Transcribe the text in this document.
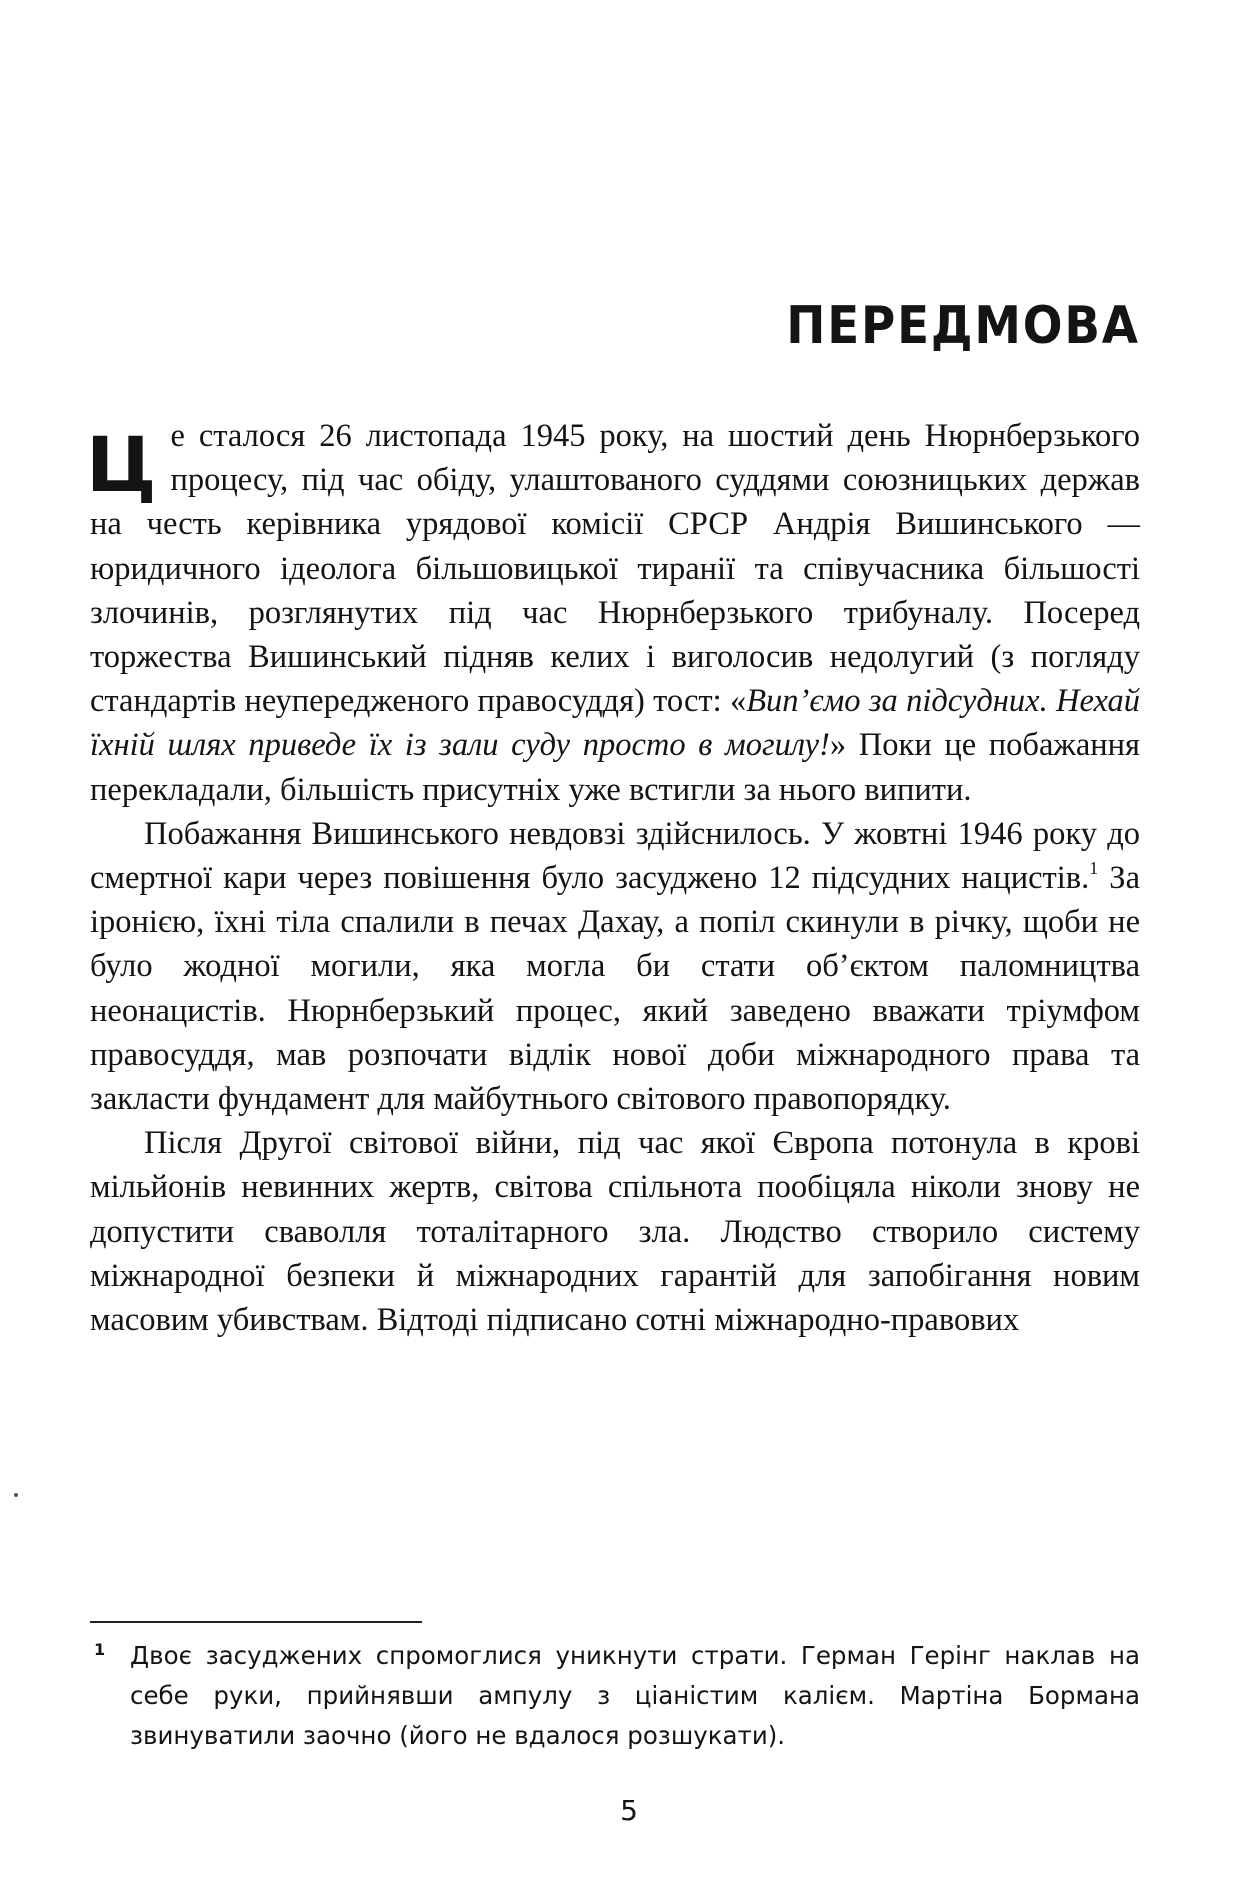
ПЕРЕДМОВА

Це сталося 26 листопада 1945 року, на шостий день Нюрнберзького процесу, під час обіду, улаштованого суддями союзницьких держав на честь керівника урядової комісії СРСР Андрія Вишинського — юридичного ідеолога більшовицької тиранії та співучасника більшості злочинів, розглянутих під час Нюрнберзького трибуналу. Посеред торжества Вишинський підняв келих і виголосив недолугий (з погляду стандартів неупередженого правосуддя) тост: «Вип’ємо за підсудних. Нехай їхній шлях приведе їх із зали суду просто в могилу!» Поки це побажання перекладали, більшість присутніх уже встигли за нього випити.

Побажання Вишинського невдовзі здійснилось. У жовтні 1946 року до смертної кари через повішення було засуджено 12 підсудних нацистів.$^1$ За іронією, їхні тіла спалили в печах Дахау, а попіл скинули в річку, щоби не було жодної могили, яка могла би стати об’єктом паломництва неонацистів. Нюрнберзький процес, який заведено вважати тріумфом правосуддя, мав розпочати відлік нової доби міжнародного права та закласти фундамент для майбутнього світового правопорядку.

Після Другої світової війни, під час якої Європа потонула в крові мільйонів невинних жертв, світова спільнота пообіцяла ніколи знову не допустити сваволля тоталітарного зла. Людство створило систему міжнародної безпеки й міжнародних гарантій для запобігання новим масовим убивствам. Відтоді підписано сотні міжнародно-правових

1 Двоє засуджених спромоглися уникнути страти. Герман Герінг наклав на себе руки, прийнявши ампулу з ціаністим калієм. Мартіна Бормана звинуватили заочно (його не вдалося розшукати).
5
